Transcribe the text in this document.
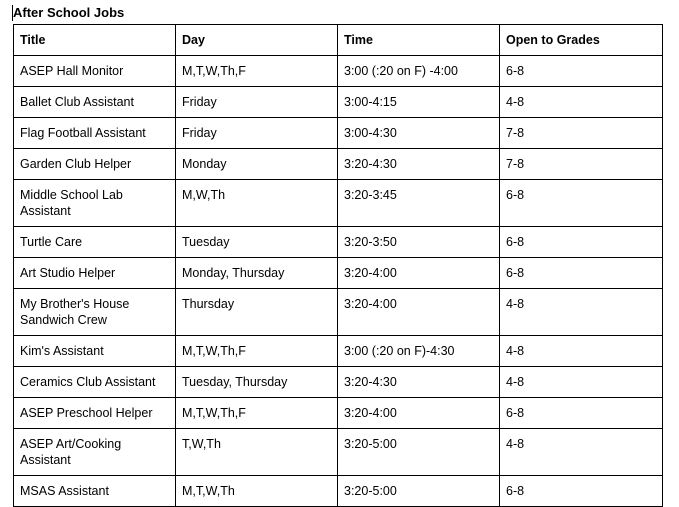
After School Jobs
Title	Day	Time	Open to Grades
ASEP Hall Monitor	M,T,W,Th,F	3:00 (:20 on F) -4:00	6-8
Ballet Club Assistant	Friday	3:00-4:15	4-8
Flag Football Assistant	Friday	3:00-4:30	7-8
Garden Club Helper	Monday	3:20-4:30	7-8
Middle School Lab Assistant	M,W,Th	3:20-3:45	6-8
Turtle Care	Tuesday	3:20-3:50	6-8
Art Studio Helper	Monday, Thursday	3:20-4:00	6-8
My Brother's House Sandwich Crew	Thursday	3:20-4:00	4-8
Kim's Assistant	M,T,W,Th,F	3:00 (:20 on F)-4:30	4-8
Ceramics Club Assistant	Tuesday, Thursday	3:20-4:30	4-8
ASEP Preschool Helper	M,T,W,Th,F	3:20-4:00	6-8
ASEP Art/Cooking Assistant	T,W,Th	3:20-5:00	4-8
MSAS Assistant	M,T,W,Th	3:20-5:00	6-8
